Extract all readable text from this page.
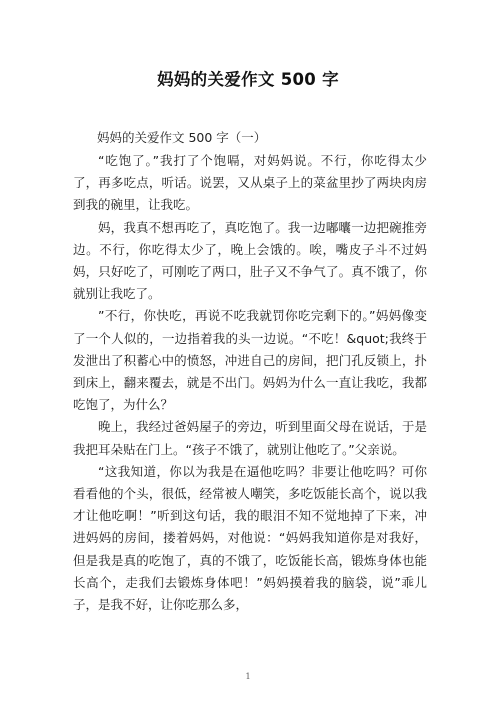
妈妈的关爱作文 500 字

妈妈的关爱作文 500 字（一）

“吃饱了。”我打了个饱嗝，对妈妈说。不行，你吃得太少了，再多吃点，听话。说罢，又从桌子上的菜盆里抄了两块肉房到我的碗里，让我吃。

妈，我真不想再吃了，真吃饱了。我一边嘟囔一边把碗推旁边。不行，你吃得太少了，晚上会饿的。唉，嘴皮子斗不过妈妈，只好吃了，可刚吃了两口，肚子又不争气了。真不饿了，你就别让我吃了。

”不行，你快吃，再说不吃我就罚你吃完剩下的。”妈妈像变了一个人似的，一边指着我的头一边说。“不吃！&quot;我终于发泄出了积蓄心中的愤怒，冲进自己的房间，把门孔反锁上，扑到床上，翻来覆去，就是不出门。妈妈为什么一直让我吃，我都吃饱了，为什么？

晚上，我经过爸妈屋子的旁边，听到里面父母在说话，于是我把耳朵贴在门上。“孩子不饿了，就别让他吃了。”父亲说。

“这我知道，你以为我是在逼他吃吗？非要让他吃吗？可你看看他的个头，很低，经常被人嘲笑，多吃饭能长高个，说以我才让他吃啊！”听到这句话，我的眼泪不知不觉地掉了下来，冲进妈妈的房间，搂着妈妈，对他说：“妈妈我知道你是对我好，但是我是真的吃饱了，真的不饿了，吃饭能长高，锻炼身体也能长高个，走我们去锻炼身体吧！”妈妈摸着我的脑袋，说”乖儿子，是我不好，让你吃那么多，

1
